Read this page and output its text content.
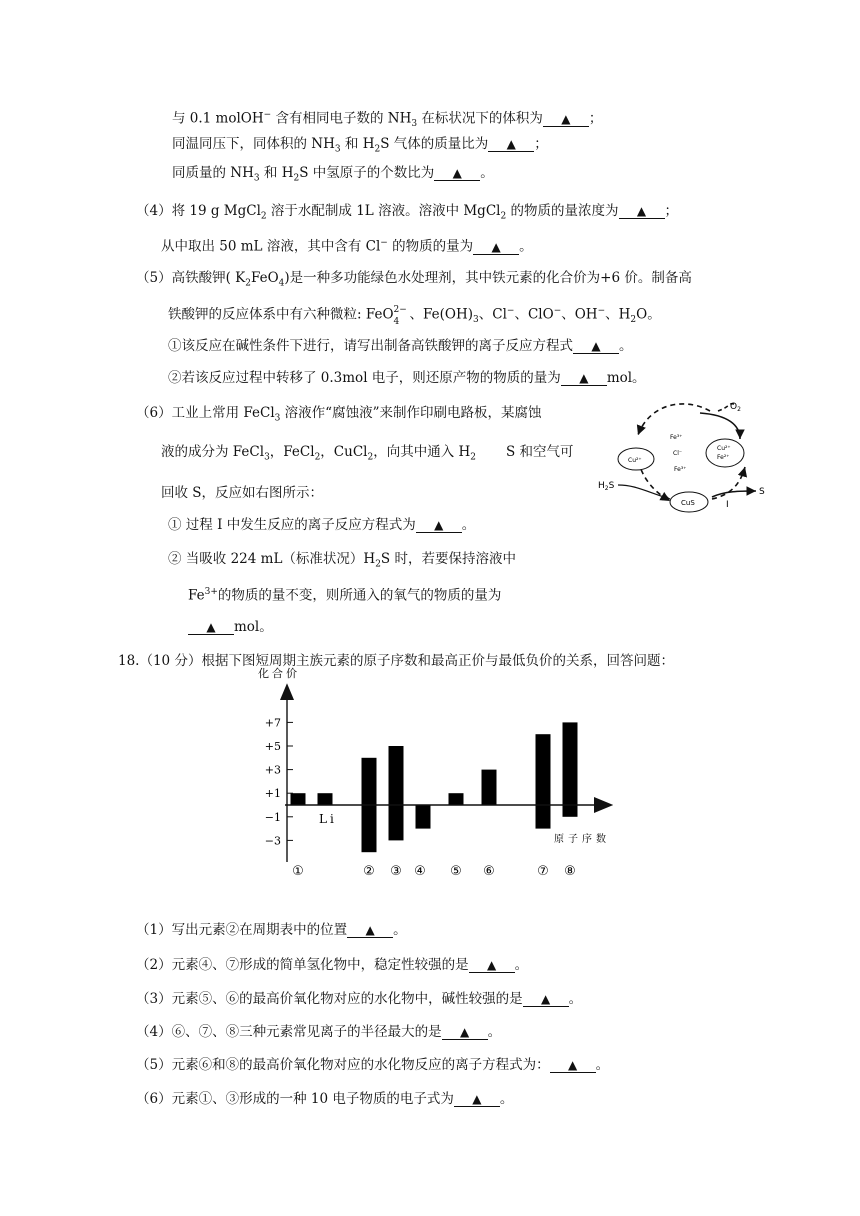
与 0.1 molOH− 含有相同电子数的 $NH_3$ 在标状况下的体积为 ▲ ；
同温同压下，同体积的 $NH_3$ 和 $H_2S$ 气体的质量比为 ▲ ；
同质量的 $NH_3$ 和 $H_2S$ 中氢原子的个数比为 ▲ 。
（4）将 19 g MgCl$_2$ 溶于水配制成 1L 溶液。溶液中 MgCl$_2$ 的物质的量浓度为 ▲ ；
从中取出 50 mL 溶液，其中含有 Cl− 的物质的量为 ▲ 。
（5）高铁酸钾( $K_2FeO_4$)是一种多功能绿色水处理剂，其中铁元素的化合价为+6 价。制备高
铁酸钾的反应体系中有六种微粒: FeO 2−
4 、$Fe(OH)_3$、Cl−、ClO−、OH−、$H_2O$。
①该反应在碱性条件下进行，请写出制备高铁酸钾的离子反应方程式 ▲ 。
②若该反应过程中转移了 0.3mol 电子，则还原产物的物质的量为 ▲ mol。
（6）工业上常用 FeCl$_3$ 溶液作“腐蚀液”来制作印刷电路板，某腐蚀
液的成分为 FeCl$_3$，FeCl$_2$，CuCl$_2$，向其中通入 $H_2$ S 和空气可
回收 S，反应如右图所示：
① 过程 I 中发生反应的离子反应方程式为 ▲ 。
② 当吸收 224 mL（标准状况）$H_2S$ 时，若要保持溶液中
$Fe^{3+}$的物质的量不变，则所通入的氧气的物质的量为
▲ mol。
$O_2$
Fe³⁺
Cl⁻
Fe³⁺
Cu²⁺
Cu²⁺
Fe²⁺
CuS
$H_2S$
S
I
18.（10 分）根据下图短周期主族元素的原子序数和最高正价与最低负价的关系，回答问题：
Li
+7
+5
+3
+1
−1
−3
①	② ③ ④ ⑤ ⑥	⑦ ⑧
化合价
原子序数
（1）写出元素②在周期表中的位置 ▲ 。
（2）元素④、⑦形成的简单氢化物中，稳定性较强的是 ▲ 。
（3）元素⑤、⑥的最高价氧化物对应的水化物中，碱性较强的是 ▲ 。
（4）⑥、⑦、⑧三种元素常见离子的半径最大的是 ▲ 。
（5）元素⑥和⑧的最高价氧化物对应的水化物反应的离子方程式为： ▲ 。
（6）元素①、③形成的一种 10 电子物质的电子式为 ▲ 。
